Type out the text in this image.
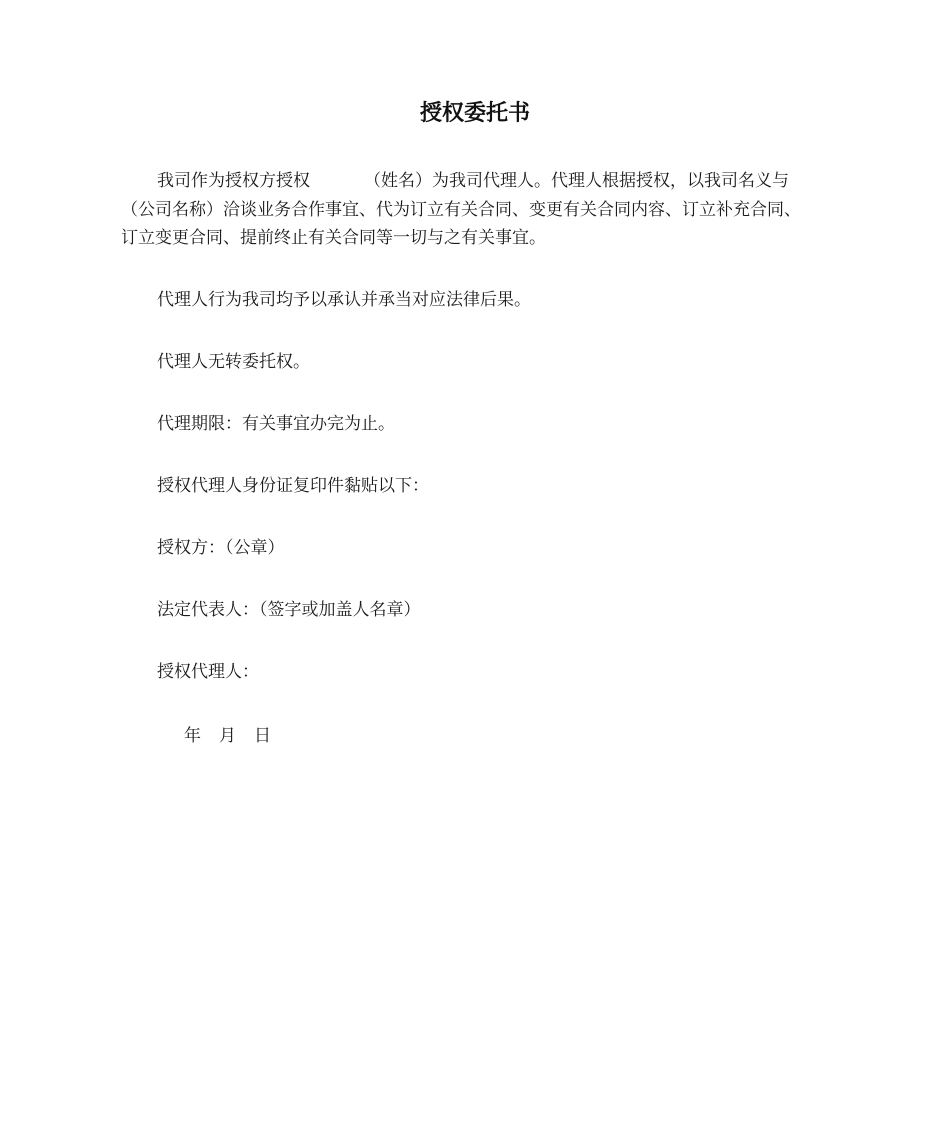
授权委托书
我司作为授权方授权	（姓名）为我司代理人。代理人根据授权，以我司名义与
（公司名称）洽谈业务合作事宜、代为订立有关合同、变更有关合同内容、订立补充合同、
订立变更合同、提前终止有关合同等一切与之有关事宜。
代理人行为我司均予以承认并承当对应法律后果。
代理人无转委托权。
代理期限：有关事宜办完为止。
授权代理人身份证复印件黏贴以下：
授权方：（公章）
法定代表人：（签字或加盖人名章）
授权代理人：
年 月 日
